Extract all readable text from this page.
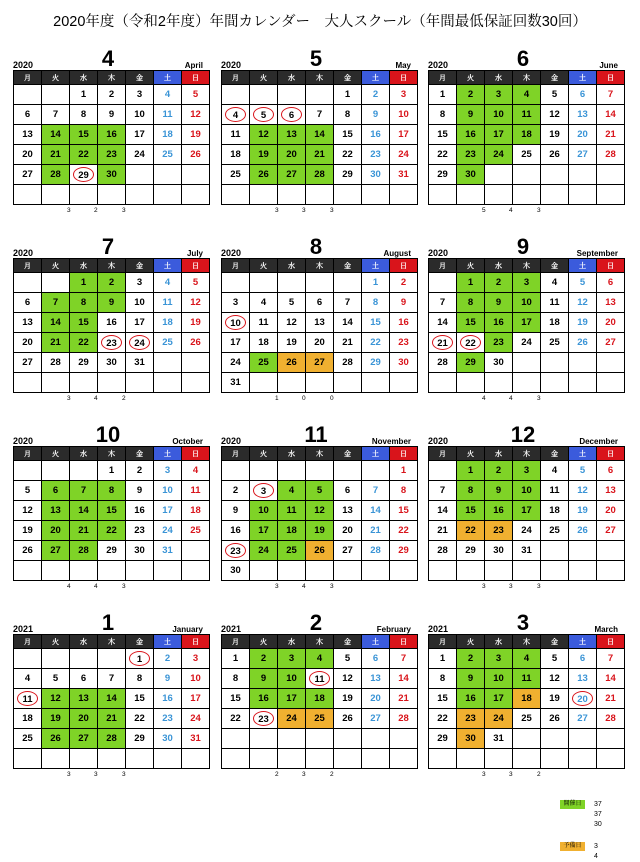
2020年度（令和2年度）年間カレンダー　大人スクール（年間最低保証回数30回）
2020	4	April
月	火	水	木	金	土	日
		1	2	3	4	5
6	7	8	9	10	11	12
13	14	15	16	17	18	19
20	21	22	23	24	25	26
27	28	29	30			

3	2	3
2020	5	May
月	火	水	木	金	土	日
				1	2	3
4	5	6	7	8	9	10
11	12	13	14	15	16	17
18	19	20	21	22	23	24
25	26	27	28	29	30	31

3	3	3
2020	6	June
月	火	水	木	金	土	日
1	2	3	4	5	6	7
8	9	10	11	12	13	14
15	16	17	18	19	20	21
22	23	24	25	26	27	28
29	30					

5	4	3
2020	7	July
月	火	水	木	金	土	日
		1	2	3	4	5
6	7	8	9	10	11	12
13	14	15	16	17	18	19
20	21	22	23	24	25	26
27	28	29	30	31		

3	4	2
2020	8	August
月	火	水	木	金	土	日
					1	2
3	4	5	6	7	8	9
10	11	12	13	14	15	16
17	18	19	20	21	22	23
24	25	26	27	28	29	30
31						
1	0	0
2020	9	September
月	火	水	木	金	土	日
	1	2	3	4	5	6
7	8	9	10	11	12	13
14	15	16	17	18	19	20
21	22	23	24	25	26	27
28	29	30				

4	4	3
2020	10	October
月	火	水	木	金	土	日
			1	2	3	4
5	6	7	8	9	10	11
12	13	14	15	16	17	18
19	20	21	22	23	24	25
26	27	28	29	30	31	

4	4	3
2020	11	November
月	火	水	木	金	土	日
						1
2	3	4	5	6	7	8
9	10	11	12	13	14	15
16	17	18	19	20	21	22
23	24	25	26	27	28	29
30						
3	4	3
2020	12	December
月	火	水	木	金	土	日
	1	2	3	4	5	6
7	8	9	10	11	12	13
14	15	16	17	18	19	20
21	22	23	24	25	26	27
28	29	30	31			

3	3	3
2021	1	January
月	火	水	木	金	土	日
				1	2	3
4	5	6	7	8	9	10
11	12	13	14	15	16	17
18	19	20	21	22	23	24
25	26	27	28	29	30	31

3	3	3
2021	2	February
月	火	水	木	金	土	日
1	2	3	4	5	6	7
8	9	10	11	12	13	14
15	16	17	18	19	20	21
22	23	24	25	26	27	28

2	3	2
2021	3	March
月	火	水	木	金	土	日
1	2	3	4	5	6	7
8	9	10	11	12	13	14
15	16	17	18	19	20	21
22	23	24	25	26	27	28
29	30	31				

3	3	2
開催日	37
37
30
予備日	3
4
